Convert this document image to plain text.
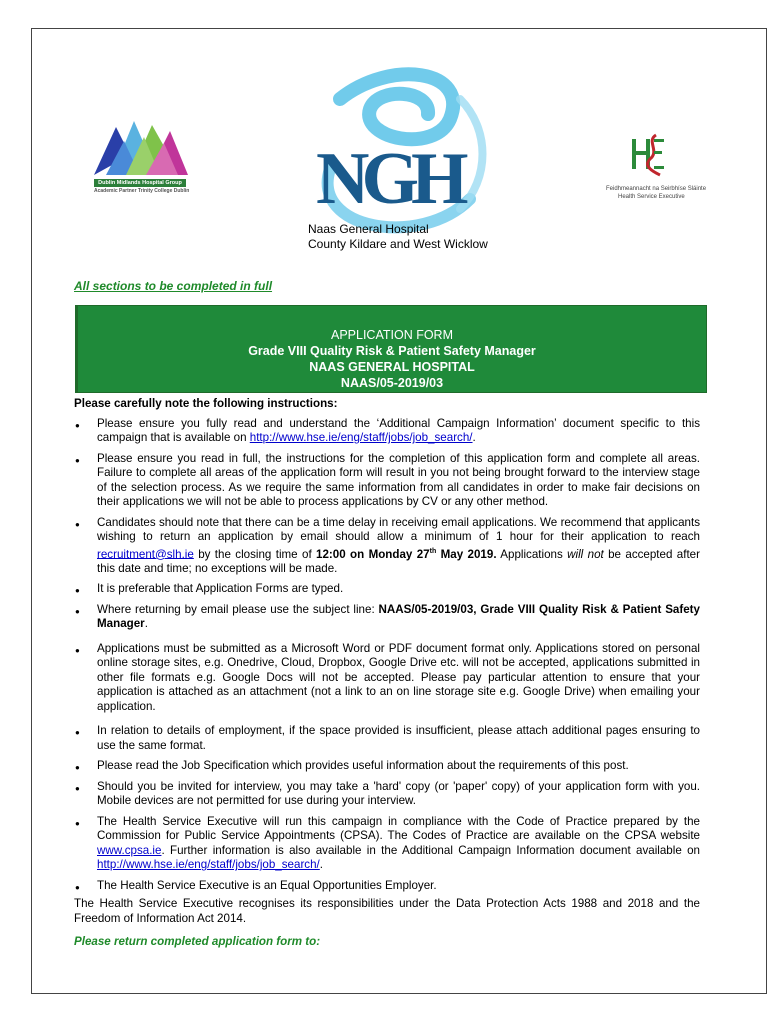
Dublin Midlands Hospital Group
Academic Partner Trinity College Dublin NGH	Feidhmeannacht na Seirbhíse Sláinte
Health Service Executive
Naas General Hospital
County Kildare and West Wicklow
All sections to be completed in full
APPLICATION FORM
Grade VIII Quality Risk & Patient Safety Manager
NAAS GENERAL HOSPITAL
NAAS/05-2019/03
Please carefully note the following instructions:
● Please ensure you fully read and understand the ‘Additional Campaign Information’ document specific to this campaign that is available on http://www.hse.ie/eng/staff/jobs/job_search/.
● Please ensure you read in full, the instructions for the completion of this application form and complete all areas. Failure to complete all areas of the application form will result in you not being brought forward to the interview stage of the selection process. As we require the same information from all candidates in order to make fair decisions on their applications we will not be able to process applications by CV or any other method.
● Candidates should note that there can be a time delay in receiving email applications. We recommend that applicants wishing to return an application by email should allow a minimum of 1 hour for their application to reach recruitment@slh.ie by the closing time of 12:00 on Monday 27th May 2019. Applications will not be accepted after this date and time; no exceptions will be made.
● It is preferable that Application Forms are typed.
● Where returning by email please use the subject line: NAAS/05-2019/03, Grade VIII Quality Risk & Patient Safety Manager.
● Applications must be submitted as a Microsoft Word or PDF document format only. Applications stored on personal online storage sites, e.g. Onedrive, Cloud, Dropbox, Google Drive etc. will not be accepted, applications submitted in other file formats e.g. Google Docs will not be accepted. Please pay particular attention to ensure that your application is attached as an attachment (not a link to an on line storage site e.g. Google Drive) when emailing your application.
● In relation to details of employment, if the space provided is insufficient, please attach additional pages ensuring to use the same format.
● Please read the Job Specification which provides useful information about the requirements of this post.
● Should you be invited for interview, you may take a 'hard' copy (or 'paper' copy) of your application form with you. Mobile devices are not permitted for use during your interview.
● The Health Service Executive will run this campaign in compliance with the Code of Practice prepared by the Commission for Public Service Appointments (CPSA). The Codes of Practice are available on the CPSA website www.cpsa.ie. Further information is also available in the Additional Campaign Information document available on http://www.hse.ie/eng/staff/jobs/job_search/.
● The Health Service Executive is an Equal Opportunities Employer.
The Health Service Executive recognises its responsibilities under the Data Protection Acts 1988 and 2018 and the Freedom of Information Act 2014.
Please return completed application form to:
